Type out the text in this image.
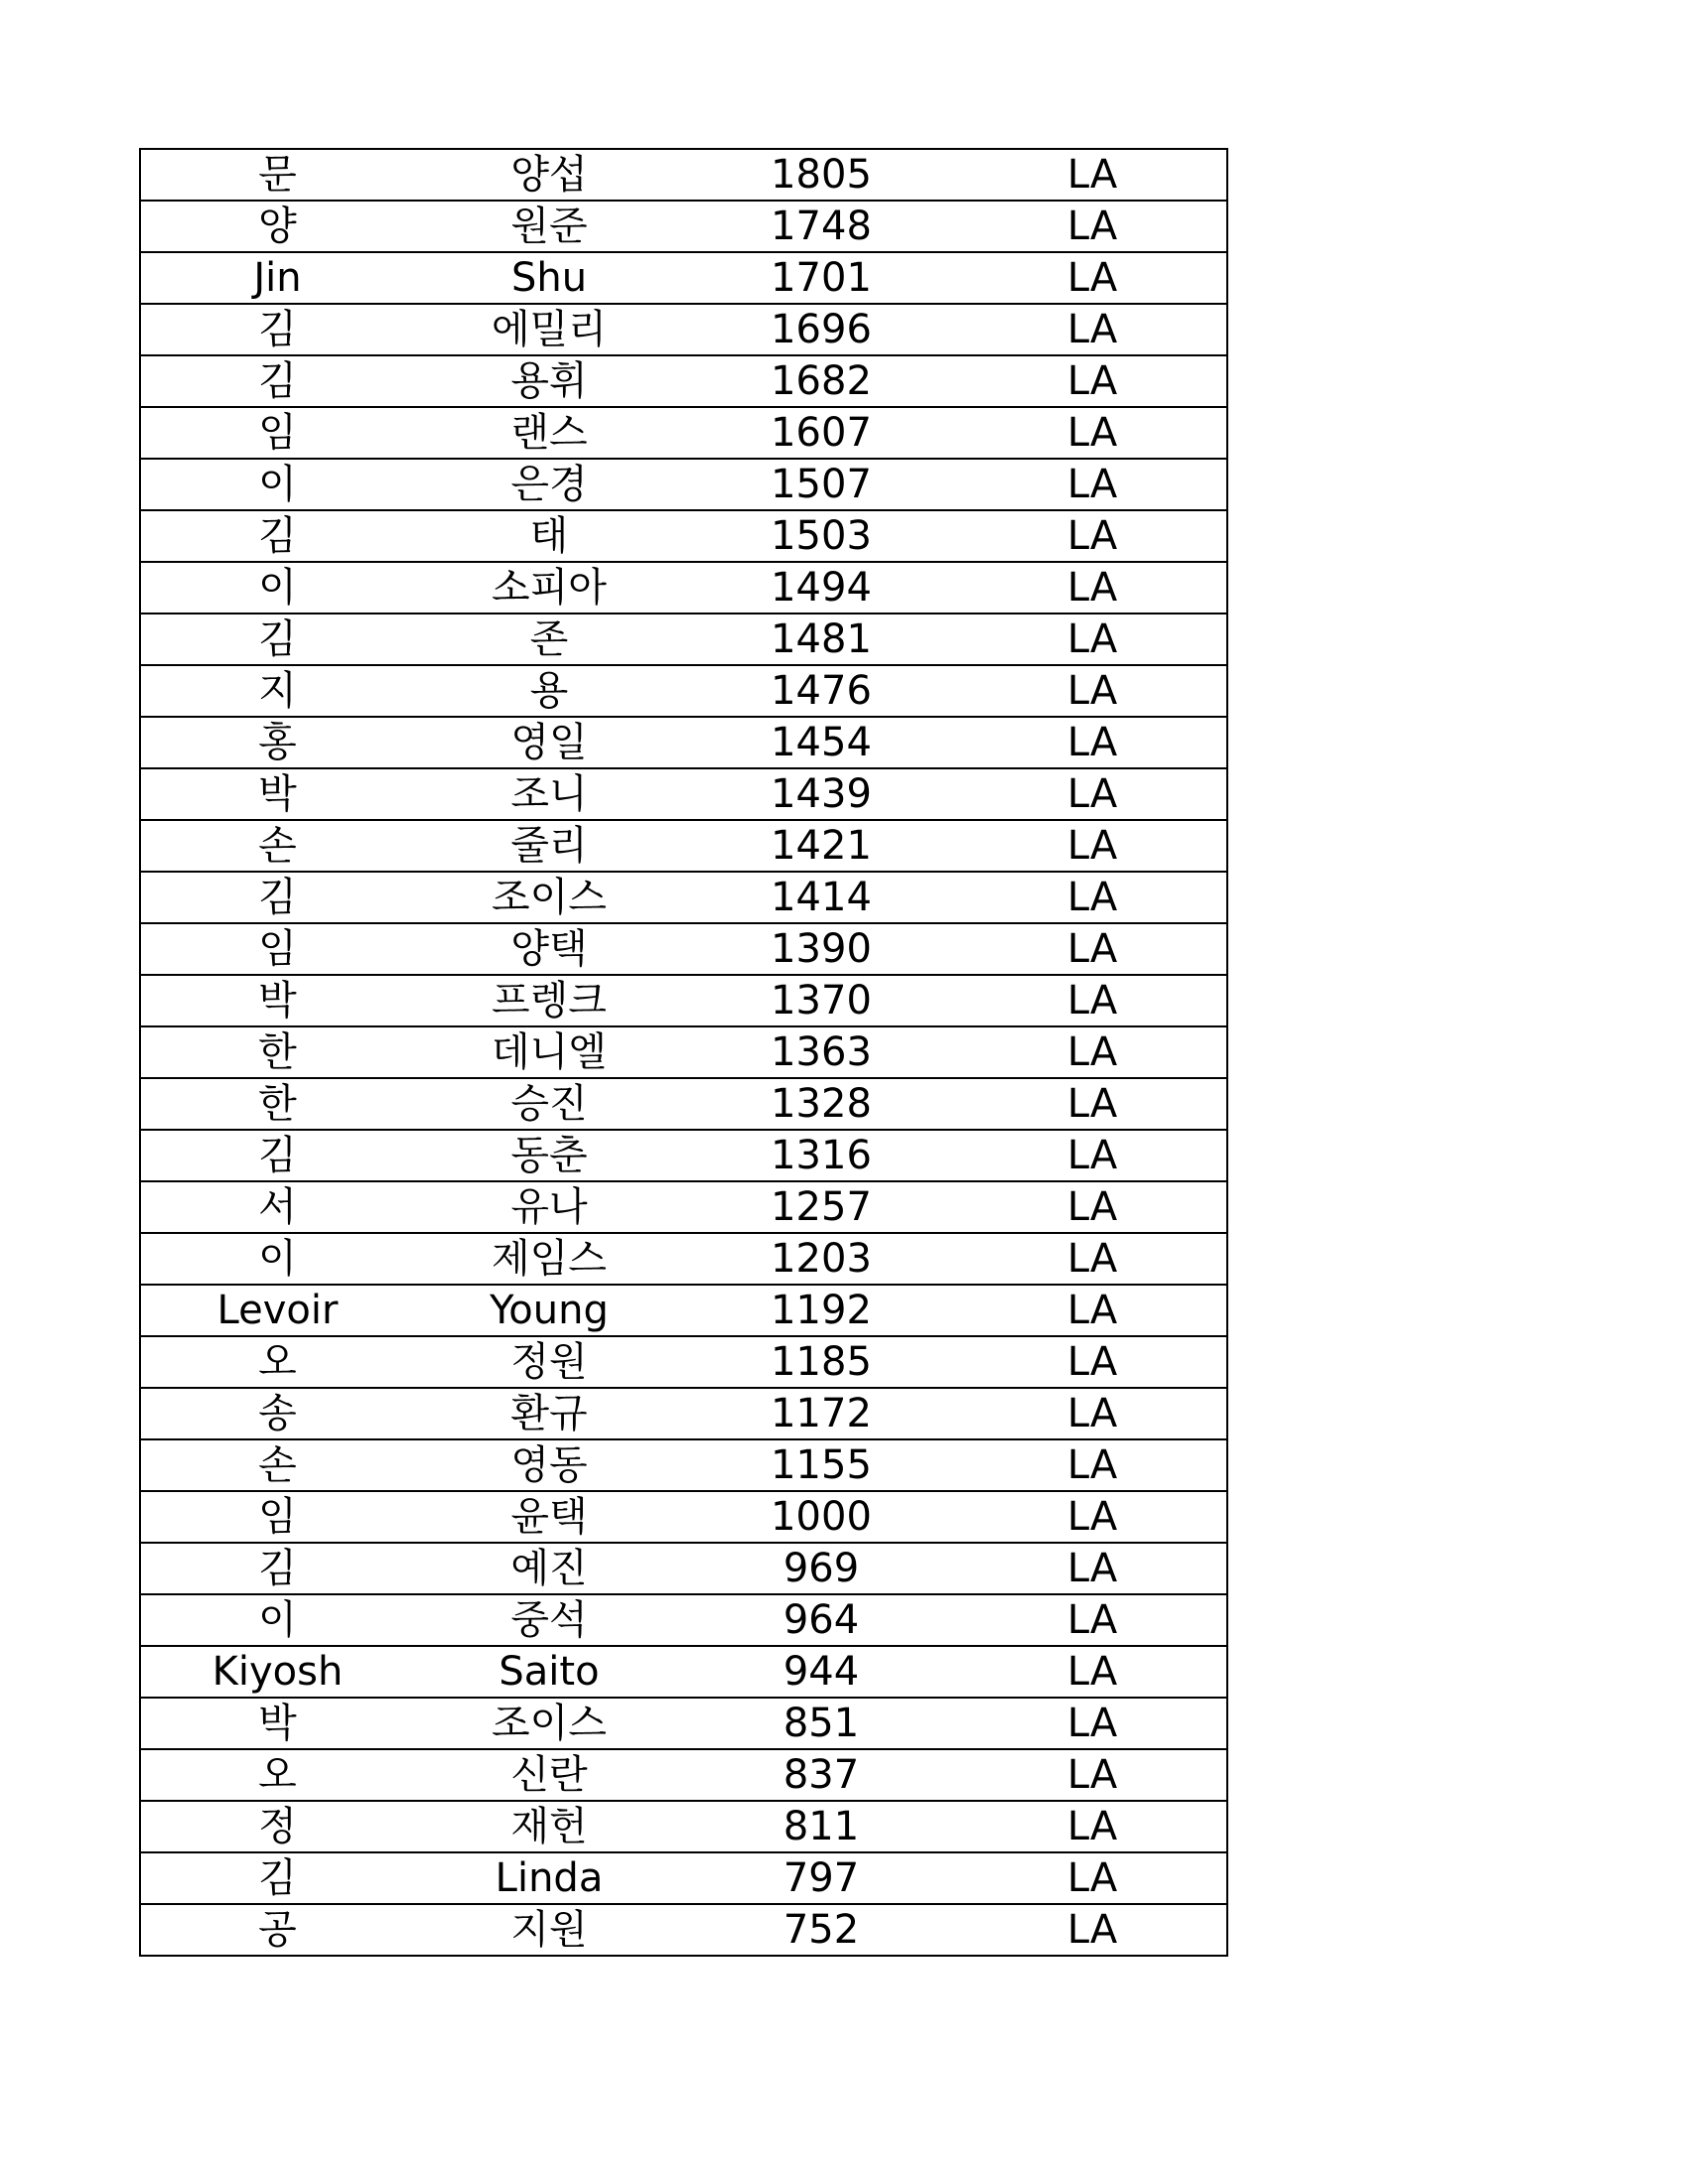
문	양섭	1805	LA
양	원준	1748	LA
Jin	Shu	1701	LA
김	에밀리	1696	LA
김	용휘	1682	LA
임	랜스	1607	LA
이	은경	1507	LA
김	태	1503	LA
이	소피아	1494	LA
김	존	1481	LA
지	용	1476	LA
홍	영일	1454	LA
박	조니	1439	LA
손	줄리	1421	LA
김	조이스	1414	LA
임	양택	1390	LA
박	프렝크	1370	LA
한	데니엘	1363	LA
한	승진	1328	LA
김	동춘	1316	LA
서	유나	1257	LA
이	제임스	1203	LA
Levoir	Young	1192	LA
오	정원	1185	LA
송	환규	1172	LA
손	영동	1155	LA
임	윤택	1000	LA
김	예진	969	LA
이	중석	964	LA
Kiyosh	Saito	944	LA
박	조이스	851	LA
오	신란	837	LA
정	재헌	811	LA
김	Linda	797	LA
공	지원	752	LA
